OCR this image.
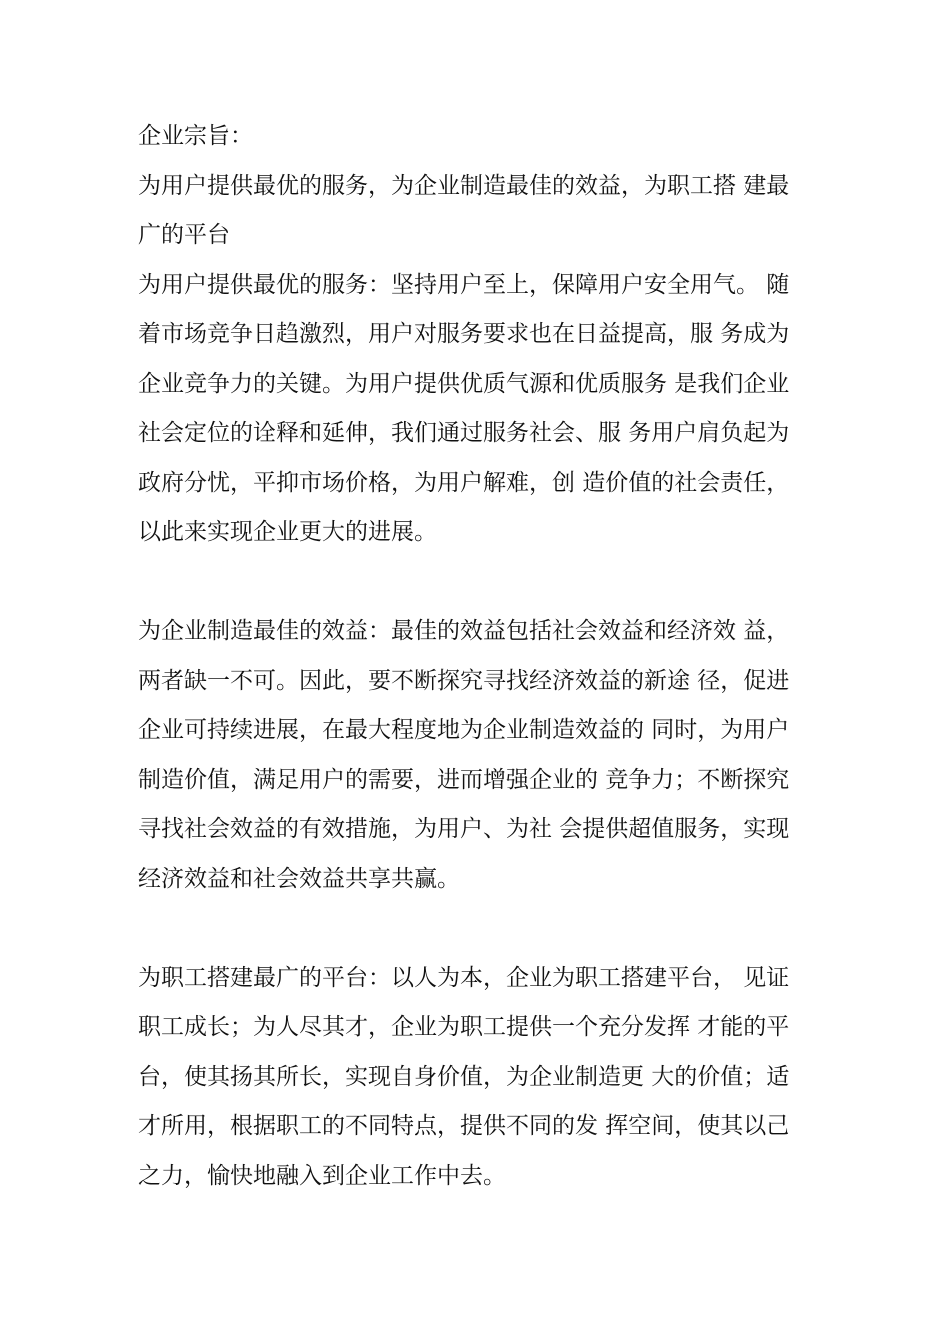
企业宗旨：
为用户提供最优的服务，为企业制造最佳的效益，为职工搭 建最
广的平台
为用户提供最优的服务：坚持用户至上，保障用户安全用气。 随
着市场竞争日趋激烈，用户对服务要求也在日益提高，服 务成为
企业竞争力的关键。为用户提供优质气源和优质服务 是我们企业
社会定位的诠释和延伸，我们通过服务社会、服 务用户肩负起为
政府分忧，平抑市场价格，为用户解难，创 造价值的社会责任，
以此来实现企业更大的进展。
为企业制造最佳的效益：最佳的效益包括社会效益和经济效 益，
两者缺一不可。因此，要不断探究寻找经济效益的新途 径，促进
企业可持续进展，在最大程度地为企业制造效益的 同时，为用户
制造价值，满足用户的需要，进而增强企业的 竞争力；不断探究
寻找社会效益的有效措施，为用户、为社 会提供超值服务，实现
经济效益和社会效益共享共赢。
为职工搭建最广的平台：以人为本，企业为职工搭建平台， 见证
职工成长；为人尽其才，企业为职工提供一个充分发挥 才能的平
台，使其扬其所长，实现自身价值，为企业制造更 大的价值；适
才所用，根据职工的不同特点，提供不同的发 挥空间，使其以己
之力，愉快地融入到企业工作中去。
